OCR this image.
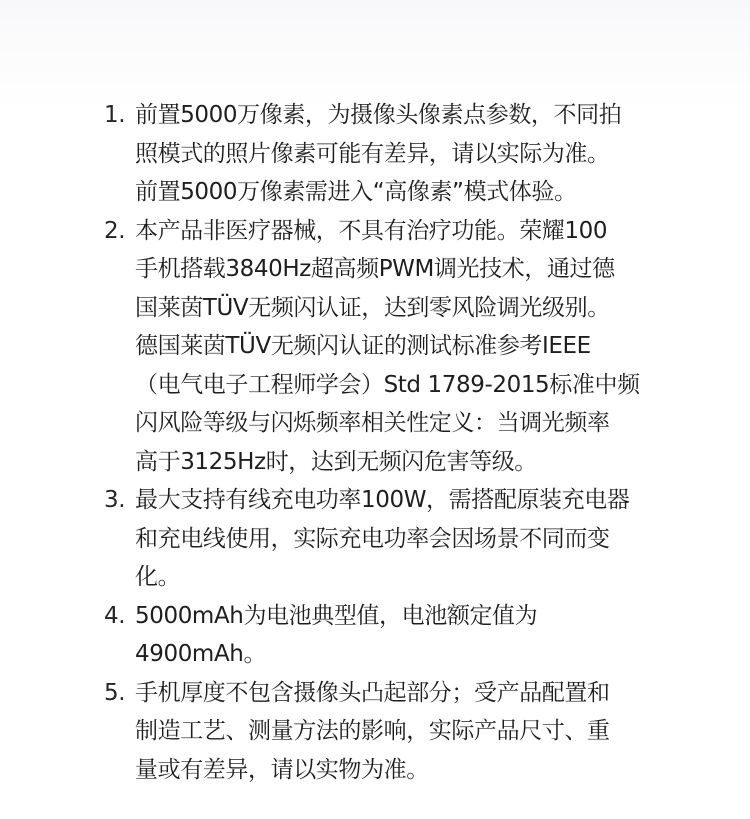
1. 前置5000万像素，为摄像头像素点参数，不同拍
照模式的照片像素可能有差异，请以实际为准。
前置5000万像素需进入“高像素”模式体验。
2. 本产品非医疗器械，不具有治疗功能。荣耀100
手机搭载3840Hz超高频PWM调光技术，通过德
国莱茵TÜV无频闪认证，达到零风险调光级别。
德国莱茵TÜV无频闪认证的测试标准参考IEEE
（电气电子工程师学会）Std 1789-2015标准中频
闪风险等级与闪烁频率相关性定义：当调光频率
高于3125Hz时，达到无频闪危害等级。
3. 最大支持有线充电功率100W，需搭配原装充电器
和充电线使用，实际充电功率会因场景不同而变
化。
4. 5000mAh为电池典型值，电池额定值为
4900mAh。
5. 手机厚度不包含摄像头凸起部分；受产品配置和
制造工艺、测量方法的影响，实际产品尺寸、重
量或有差异，请以实物为准。
